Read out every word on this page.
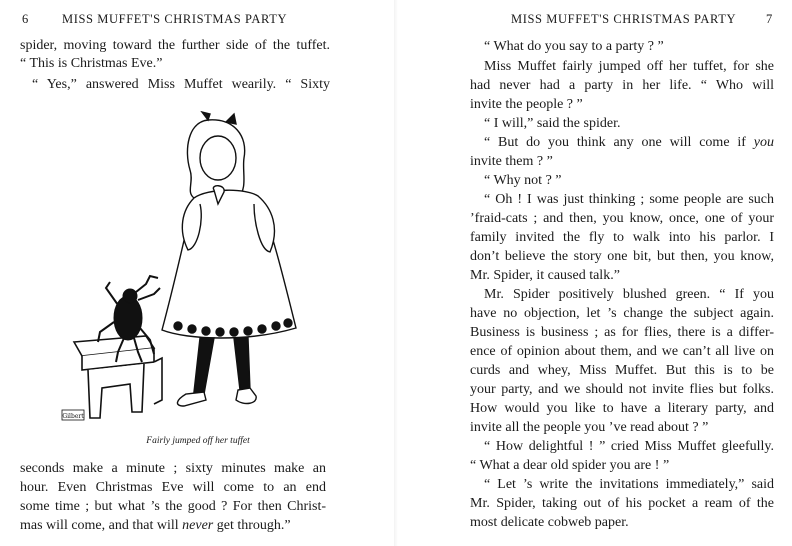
6	MISS MUFFET'S CHRISTMAS PARTY
spider, moving toward the further side of the tuffet.
“ This is Christmas Eve.”
“ Yes,” answered Miss Muffet wearily. “ Sixty
Gilbert
Fairly jumped off her tuffet
seconds make a minute ; sixty minutes make an
hour. Even Christmas Eve will come to an end
some time ; but what ’s the good ? For then Christ-
mas will come, and that will never get through.”
MISS MUFFET'S CHRISTMAS PARTY 7
“ What do you say to a party ? ”
Miss Muffet fairly jumped off her tuffet, for she
had never had a party in her life. “ Who will
invite the people ? ”
“ I will,” said the spider.
“ But do you think any one will come if you
invite them ? ”
“ Why not ? ”
“ Oh ! I was just thinking ; some people are such
’fraid-cats ; and then, you know, once, one of your
family invited the fly to walk into his parlor. I
don’t believe the story one bit, but then, you know,
Mr. Spider, it caused talk.”
Mr. Spider positively blushed green. “ If you
have no objection, let ’s change the subject again.
Business is business ; as for flies, there is a differ-
ence of opinion about them, and we can’t all live on
curds and whey, Miss Muffet. But this is to be
your party, and we should not invite flies but folks.
How would you like to have a literary party, and
invite all the people you ’ve read about ? ”
“ How delightful ! ” cried Miss Muffet gleefully.
“ What a dear old spider you are ! ”
“ Let ’s write the invitations immediately,” said
Mr. Spider, taking out of his pocket a ream of the
most delicate cobweb paper.
